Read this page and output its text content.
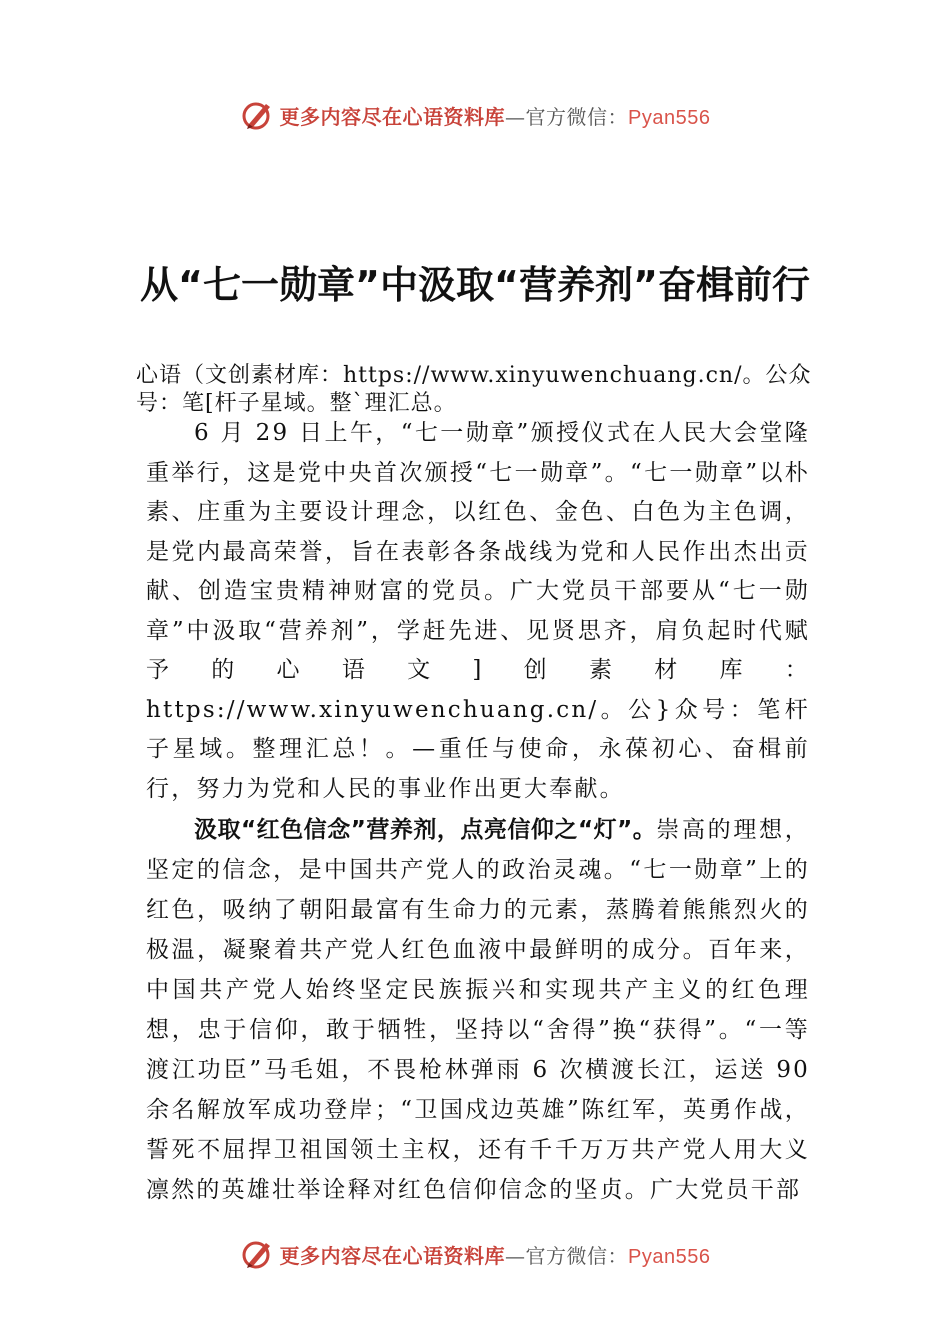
更多内容尽在心语资料库—官方微信：Pyan556
从“七一勋章”中汲取“营养剂”奋楫前行
心语（文创素材库：https://www.xinyuwenchuang.cn/。公众号：笔[杆子星域。整`理汇总。
6 月 29 日上午，“七一勋章”颁授仪式在人民大会堂隆重举行，这是党中央首次颁授“七一勋章”。“七一勋章”以朴素、庄重为主要设计理念，以红色、金色、白色为主色调， 是党内最高荣誉，旨在表彰各条战线为党和人民作出杰出贡献、创造宝贵精神财富的党员。广大党员干部要从“七一勋章”中汲取“营养剂”，学赶先进、见贤思齐，肩负起时代赋予的心语文]创素材库：https://www.xinyuwenchuang.cn/。公}众号：笔杆子星域。整理汇总！。—重任与使命，永葆初心、奋楫前行，努力为党和人民的事业作出更大奉献。
汲取“红色信念”营养剂，点亮信仰之“灯”。崇高的理想，坚定的信念，是中国共产党人的政治灵魂。“七一勋章”上的红色，吸纳了朝阳最富有生命力的元素，蒸腾着熊熊烈火的极温，凝聚着共产党人红色血液中最鲜明的成分。百年来，中国共产党人始终坚定民族振兴和实现共产主义的红色理想，忠于信仰，敢于牺牲，坚持以“舍得”换“获得”。“一等渡江功臣”马毛姐，不畏枪林弹雨 6 次横渡长江，运送 90 余名解放军成功登岸；“卫国戍边英雄”陈红军，英勇作战，誓死不屈捍卫祖国领土主权，还有千千万万共产党人用大义凛然的英雄壮举诠释对红色信仰信念的坚贞。广大党员干部
更多内容尽在心语资料库—官方微信：Pyan556
